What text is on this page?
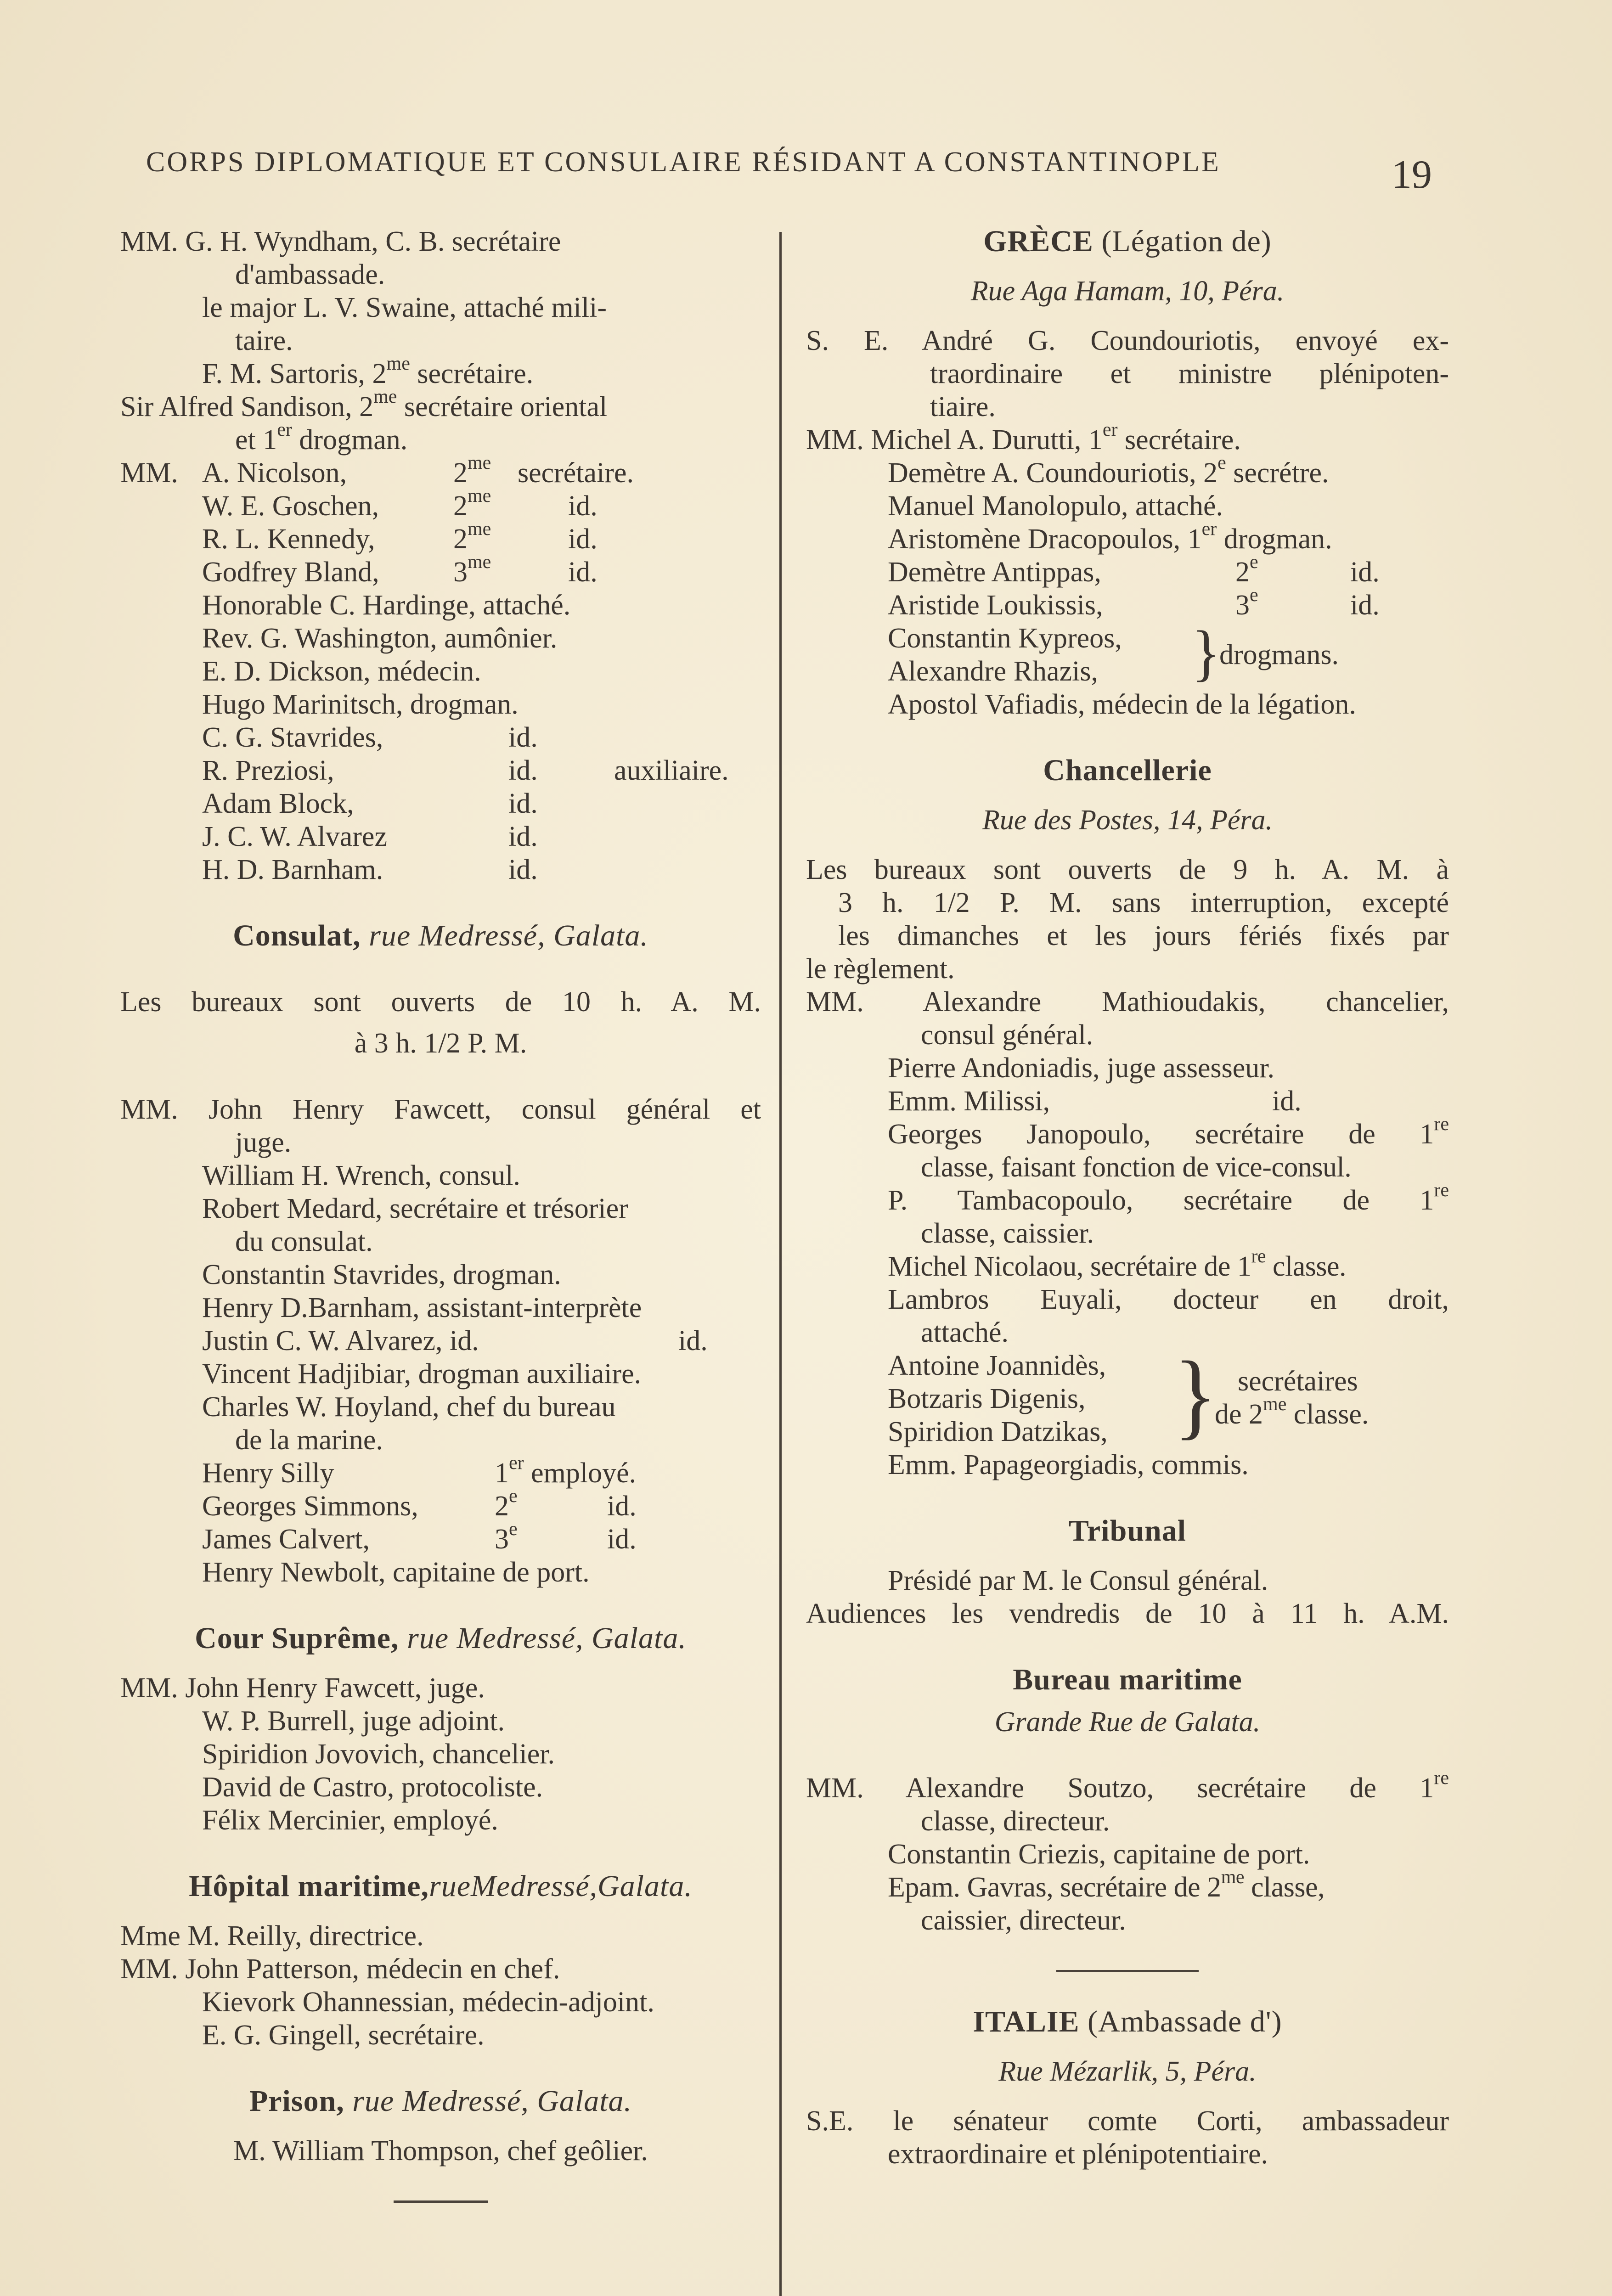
CORPS DIPLOMATIQUE ET CONSULAIRE RÉSIDANT A CONSTANTINOPLE	19
MM. G. H. Wyndham, C. B. secrétaire
d'ambassade.
le major L. V. Swaine, attaché mili-
taire.
F. M. Sartoris, $2^{me}$ secrétaire.
Sir Alfred Sandison, $2^{me}$ secrétaire oriental
et 1er drogman.
MM. A. Nicolson,	$2^{me}$ secrétaire.
W. E. Goschen,	$2^{me}$	id.
R. L. Kennedy,	$2^{me}$	id.
Godfrey Bland,	$3^{me}$	id.
Honorable C. Hardinge, attaché.
Rev. G. Washington, aumônier.
E. D. Dickson, médecin.
Hugo Marinitsch, drogman.
C. G. Stavrides,	id.
R. Preziosi,	id.	auxiliaire.
Adam Block,	id.
J. C. W. Alvarez	id.
H. D. Barnham.	id.
Consulat, rue Medressé, Galata.
Les bureaux sont ouverts de 10 h. A. M.
à 3 h. 1/2 P. M.
MM. John Henry Fawcett, consul général et
juge.
William H. Wrench, consul.
Robert Medard, secrétaire et trésorier
du consulat.
Constantin Stavrides, drogman.
Henry D.Barnham, assistant-interprète
Justin C. W. Alvarez, id.	id.
Vincent Hadjibiar, drogman auxiliaire.
Charles W. Hoyland, chef du bureau
de la marine.
Henry Silly	1er employé.
Georges Simmons,	2e	id.
James Calvert,	3e	id.
Henry Newbolt, capitaine de port.
Cour Suprême, rue Medressé, Galata.
MM. John Henry Fawcett, juge.
W. P. Burrell, juge adjoint.
Spiridion Jovovich, chancelier.
David de Castro, protocoliste.
Félix Mercinier, employé.
Hôpital maritime,rueMedressé,Galata.
Mme M. Reilly, directrice.
MM. John Patterson, médecin en chef.
Kievork Ohannessian, médecin-adjoint.
E. G. Gingell, secrétaire.
Prison, rue Medressé, Galata.
M. William Thompson, chef geôlier.
GRÈCE (Légation de)
Rue Aga Hamam, 10, Péra.
S. E. André G. Coundouriotis, envoyé ex-
traordinaire et ministre plénipoten-
tiaire.
MM. Michel A. Durutti, 1er secrétaire.
Demètre A. Coundouriotis, 2e secrétre.
Manuel Manolopulo, attaché.
Aristomène Dracopoulos, 1er drogman.
Demètre Antippas,	2e	id.
Aristide Loukissis,	3e	id.
Constantin Kypreos,
Alexandre Rhazis,	}
drogmans.
Apostol Vafiadis, médecin de la légation.
Chancellerie
Rue des Postes, 14, Péra.
Les bureaux sont ouverts de 9 h. A. M. à
3 h. 1/2 P. M. sans interruption, excepté
les dimanches et les jours fériés fixés par
le règlement.
MM. Alexandre Mathioudakis, chancelier,
consul général.
Pierre Andoniadis, juge assesseur.
Emm. Milissi,	id.
Georges Janopoulo, secrétaire de 1re
classe, faisant fonction de vice-consul.
P. Tambacopoulo, secrétaire de 1re
classe, caissier.
Michel Nicolaou, secrétaire de 1re classe.
Lambros Euyali, docteur en droit,
attaché.
Antoine Joannidès,
Botzaris Digenis,
Spiridion Datzikas, } secrétaires
de $2^{me}$ classe.
Emm. Papageorgiadis, commis.
Tribunal
Présidé par M. le Consul général.
Audiences les vendredis de 10 à 11 h. A.M.
Bureau maritime
Grande Rue de Galata.
MM. Alexandre Soutzo, secrétaire de 1re
classe, directeur.
Constantin Criezis, capitaine de port.
Epam. Gavras, secrétaire de $2^{me}$ classe,
caissier, directeur.
ITALIE (Ambassade d')
Rue Mézarlik, 5, Péra.
S.E. le sénateur comte Corti, ambassadeur
extraordinaire et plénipotentiaire.
